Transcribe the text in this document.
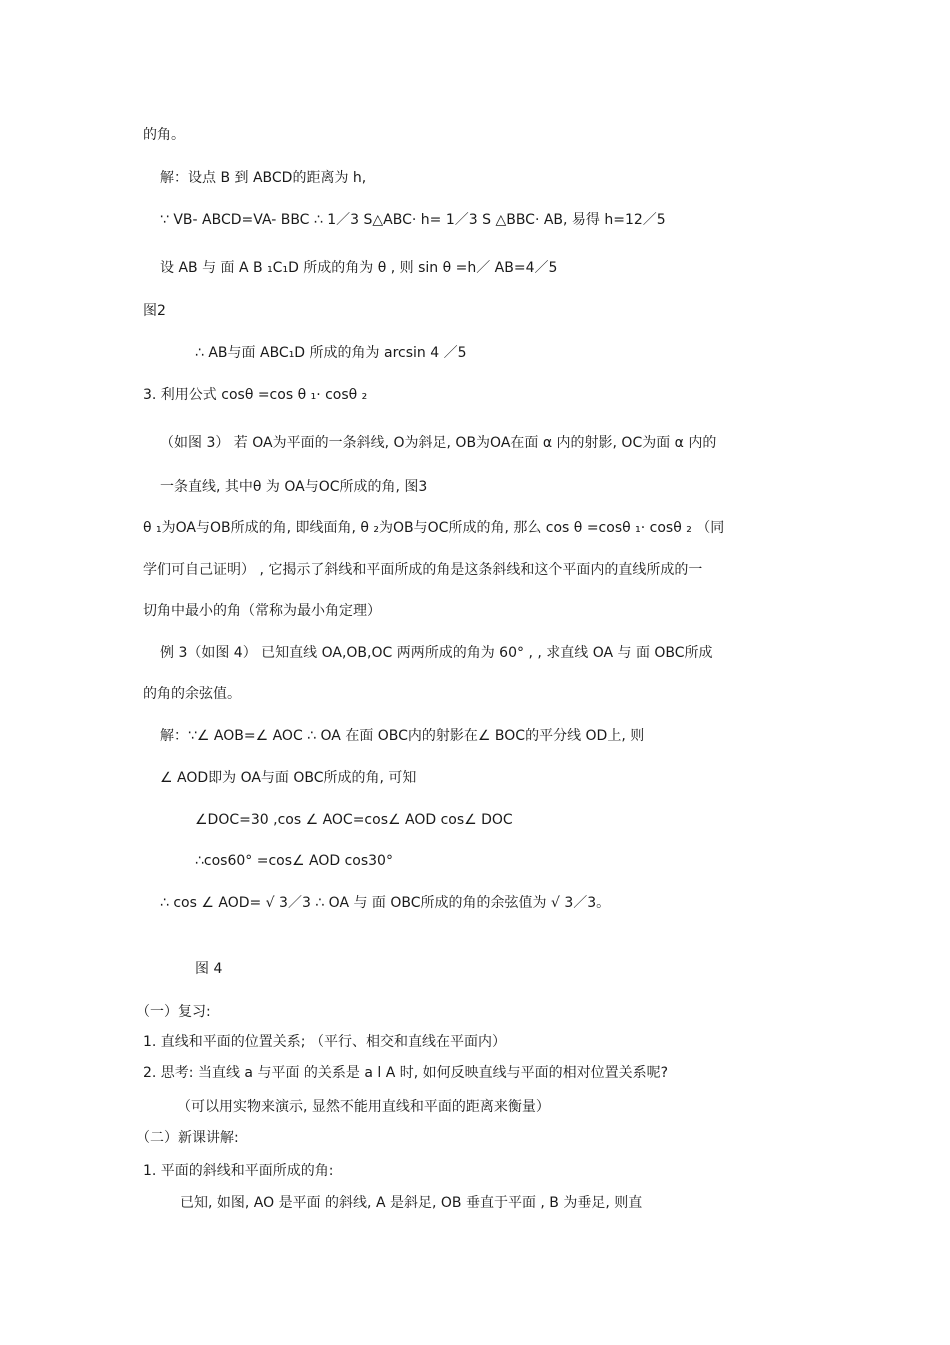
的角。
解：设点 B 到 ABCD的距离为 h,
∵ VB- ABCD=VA- BBC ∴ 1／3 S△ABC· h= 1／3 S △BBC· AB, 易得 h=12／5
设 AB 与 面 A B ₁C₁D 所成的角为 θ , 则 sin θ =h／ AB=4／5
图2
∴ AB与面 ABC₁D 所成的角为 arcsin 4 ／5
3. 利用公式 cosθ =cos θ ₁· cosθ ₂
（如图 3） 若 OA为平面的一条斜线, O为斜足, OB为OA在面 α 内的射影, OC为面 α 内的
一条直线, 其中θ 为 OA与OC所成的角, 图3
θ ₁为OA与OB所成的角, 即线面角, θ ₂为OB与OC所成的角, 那么 cos θ =cosθ ₁· cosθ ₂ （同
学们可自己证明） , 它揭示了斜线和平面所成的角是这条斜线和这个平面内的直线所成的一
切角中最小的角（常称为最小角定理）
例 3（如图 4） 已知直线 OA,OB,OC 两两所成的角为 60° , , 求直线 OA 与 面 OBC所成
的角的余弦值。
解：∵∠ AOB=∠ AOC ∴ OA 在面 OBC内的射影在∠ BOC的平分线 OD上, 则
∠ AOD即为 OA与面 OBC所成的角, 可知
∠DOC=30 ,cos ∠ AOC=cos∠ AOD cos∠ DOC
∴cos60° =cos∠ AOD cos30°
∴ cos ∠ AOD= √ 3／3 ∴ OA 与 面 OBC所成的角的余弦值为 √ 3／3。
图 4
（一）复习:
1. 直线和平面的位置关系; （平行、相交和直线在平面内）
2. 思考: 当直线 a 与平面 的关系是 a l A 时, 如何反映直线与平面的相对位置关系呢?
（可以用实物来演示, 显然不能用直线和平面的距离来衡量）
（二）新课讲解:
1. 平面的斜线和平面所成的角:
已知, 如图, AO 是平面 的斜线, A 是斜足, OB 垂直于平面 , B 为垂足, 则直
